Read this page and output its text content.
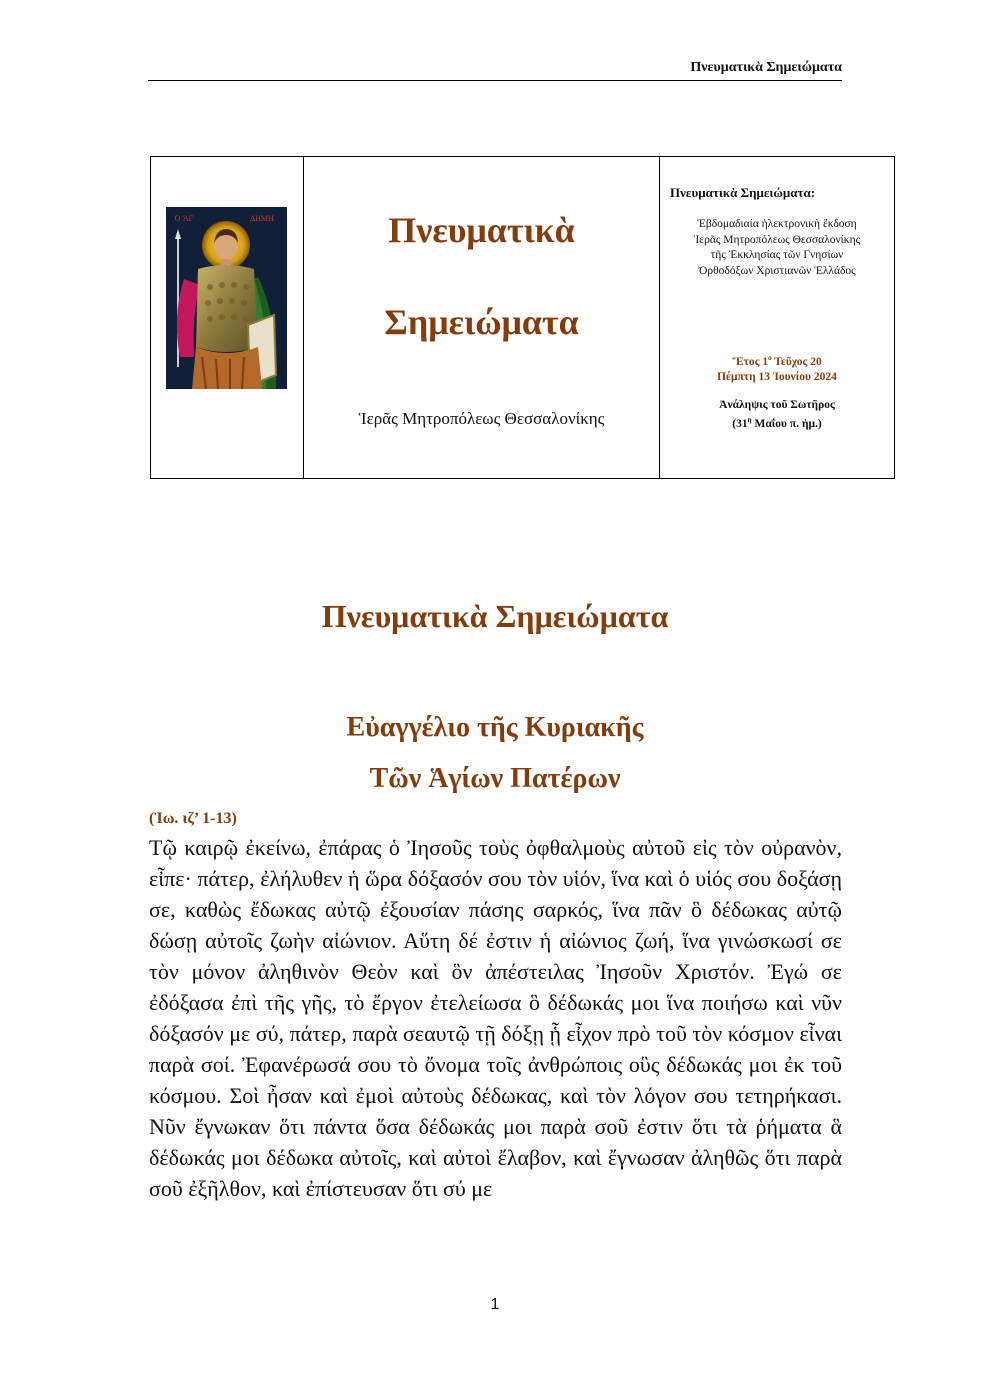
Πνευματικὰ Σημειώματα
Ὁ ἍΓ	ΔΗΜΗ	Πνευματικὰ
Σημειώματα
Ἱερᾶς Μητροπόλεως Θεσσαλονίκης
Πνευματικὰ Σημειώματα:
Ἑβδομαδιαία ἠλεκτρονικὴ ἔκδοση
Ἱερᾶς Μητροπόλεως Θεσσαλονίκης
τῆς Ἐκκλησίας τῶν Γνησίων
Ὀρθοδόξων Χριστιανῶν Ἑλλάδος
Ἔτος $1^o$ Τεῦχος 20
Πέμπτη 13 Ἰουνίου 2024
Ἀνάληψις τοῦ Σωτῆρος
($31^\eta$ Μαΐου π. ἡμ.)
Πνευματικὰ Σημειώματα
Εὐαγγέλιο τῆς Κυριακῆς
Τῶν Ἁγίων Πατέρων
(Ἰω. ιζ’ 1-13)

Τῷ καιρῷ ἐκείνω, ἐπάρας ὁ Ἰησοῦς τοὺς ὀφθαλμοὺς αὐτοῦ εἰς τὸν οὐρανὸν, εἶπε· πάτερ, ἐλήλυθεν ἡ ὥρα δόξασόν σου τὸν υἱόν, ἵνα καὶ ὁ υἱός σου δοξάσῃ σε, καθὼς ἔδωκας αὐτῷ ἐξουσίαν πάσης σαρκός, ἵνα πᾶν ὃ δέδωκας αὐτῷ δώσῃ αὐτοῖς ζωὴν αἰώνιον. Αὕτη δέ ἐστιν ἡ αἰώνιος ζωή, ἵνα γινώσκωσί σε τὸν μόνον ἀληθινὸν Θεὸν καὶ ὃν ἀπέστειλας Ἰησοῦν Χριστόν. Ἐγώ σε ἐδόξασα ἐπὶ τῆς γῆς, τὸ ἔργον ἐτελείωσα ὃ δέδωκάς μοι ἵνα ποιήσω καὶ νῦν δόξασόν με σύ, πάτερ, παρὰ σεαυτῷ τῇ δόξῃ ᾗ εἶχον πρὸ τοῦ τὸν κόσμον εἶναι παρὰ σοί. Ἐφανέρωσά σου τὸ ὄνομα τοῖς ἀνθρώποις οὓς δέδωκάς μοι ἐκ τοῦ κόσμου. Σοὶ ἦσαν καὶ ἐμοὶ αὐτοὺς δέδωκας, καὶ τὸν λόγον σου τετηρήκασι. Νῦν ἔγνωκαν ὅτι πάντα ὅσα δέδωκάς μοι παρὰ σοῦ ἐστιν ὅτι τὰ ῥήματα ἃ δέδωκάς μοι δέδωκα αὐτοῖς, καὶ αὐτοὶ ἔλαβον, καὶ ἔγνωσαν ἀληθῶς ὅτι παρὰ σοῦ ἐξῆλθον, καὶ ἐπίστευσαν ὅτι σύ με

1
